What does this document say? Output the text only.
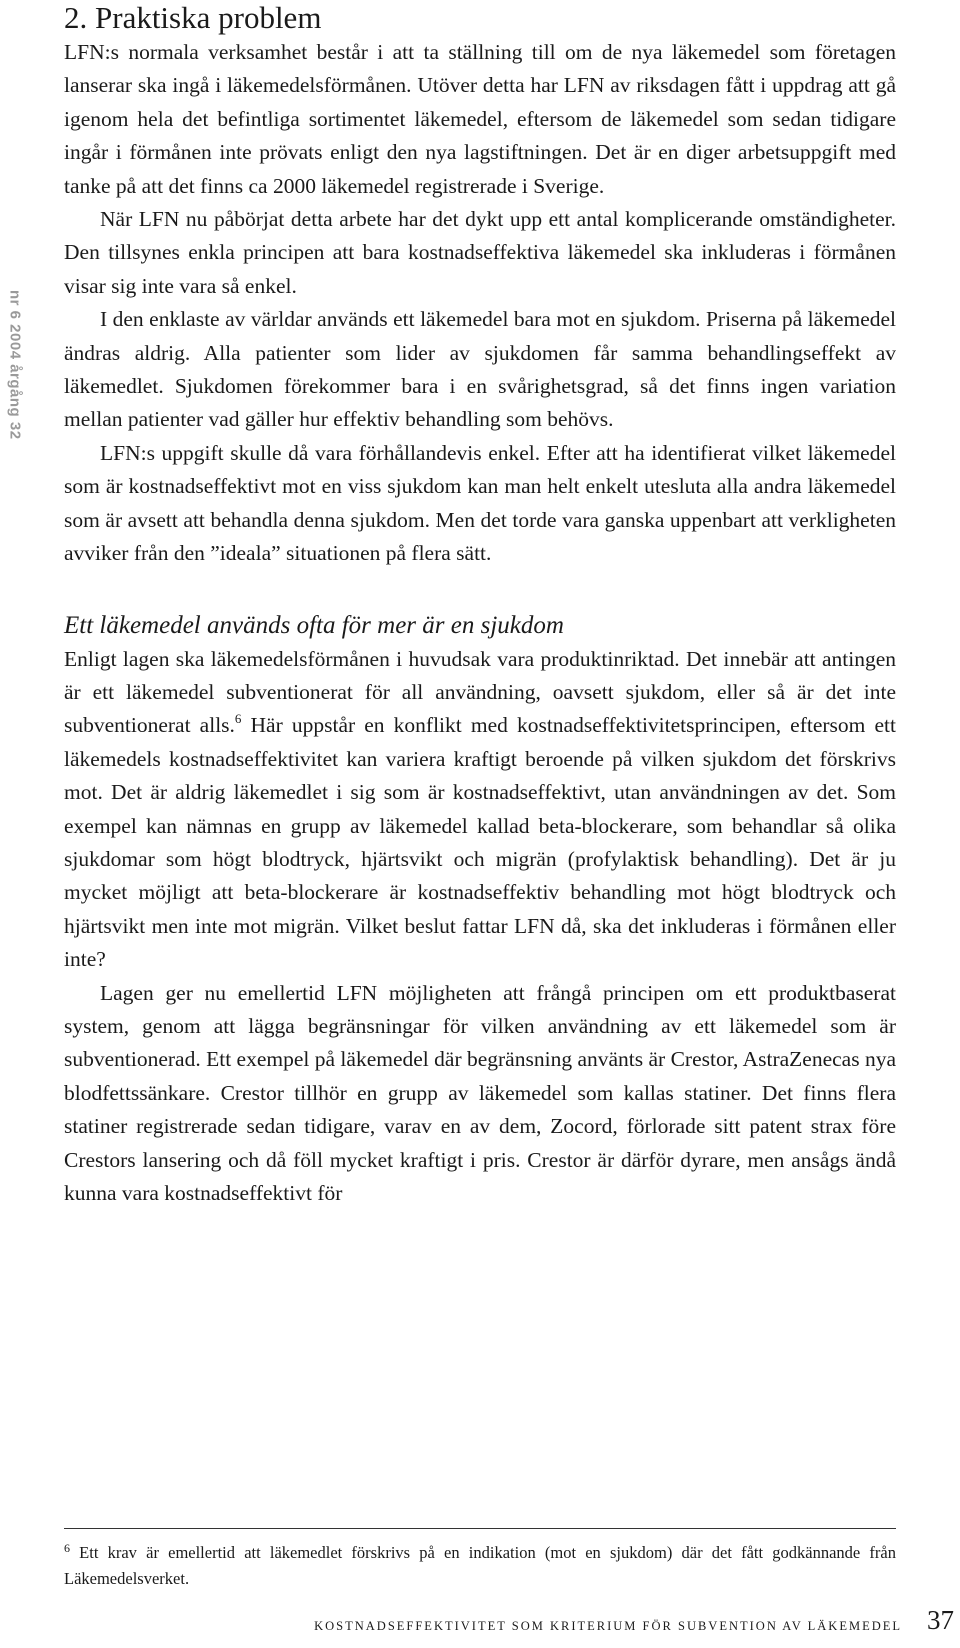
nr 6 2004 årgång 32
2. Praktiska problem

LFN:s normala verksamhet består i att ta ställning till om de nya läkemedel som företagen lanserar ska ingå i läkemedelsförmånen. Utöver detta har LFN av riksdagen fått i uppdrag att gå igenom hela det befintliga sortimentet läkemedel, eftersom de läkemedel som sedan tidigare ingår i förmånen inte prövats enligt den nya lagstiftningen. Det är en diger arbetsuppgift med tanke på att det finns ca 2000 läkemedel registrerade i Sverige.

När LFN nu påbörjat detta arbete har det dykt upp ett antal komplicerande omständigheter. Den tillsynes enkla principen att bara kostnadseffektiva läkemedel ska inkluderas i förmånen visar sig inte vara så enkel.

I den enklaste av världar används ett läkemedel bara mot en sjukdom. Priserna på läkemedel ändras aldrig. Alla patienter som lider av sjukdomen får samma behandlingseffekt av läkemedlet. Sjukdomen förekommer bara i en svårighetsgrad, så det finns ingen variation mellan patienter vad gäller hur effektiv behandling som behövs.

LFN:s uppgift skulle då vara förhållandevis enkel. Efter att ha identifierat vilket läkemedel som är kostnadseffektivt mot en viss sjukdom kan man helt enkelt utesluta alla andra läkemedel som är avsett att behandla denna sjukdom. Men det torde vara ganska uppenbart att verkligheten avviker från den ”ideala” situationen på flera sätt.

Ett läkemedel används ofta för mer är en sjukdom

Enligt lagen ska läkemedelsförmånen i huvudsak vara produktinriktad. Det innebär att antingen är ett läkemedel subventionerat för all användning, oavsett sjukdom, eller så är det inte subventionerat alls.$^6$ Här uppstår en konflikt med kostnadseffektivitetsprincipen, eftersom ett läkemedels kostnadseffektivitet kan variera kraftigt beroende på vilken sjukdom det förskrivs mot. Det är aldrig läkemedlet i sig som är kostnadseffektivt, utan användningen av det. Som exempel kan nämnas en grupp av läkemedel kallad beta-blockerare, som behandlar så olika sjukdomar som högt blodtryck, hjärtsvikt och migrän (profylaktisk behandling). Det är ju mycket möjligt att beta-blockerare är kostnadseffektiv behandling mot högt blodtryck och hjärtsvikt men inte mot migrän. Vilket beslut fattar LFN då, ska det inkluderas i förmånen eller inte?

Lagen ger nu emellertid LFN möjligheten att frångå principen om ett produktbaserat system, genom att lägga begränsningar för vilken användning av ett läkemedel som är subventionerad. Ett exempel på läkemedel där begränsning använts är Crestor, AstraZenecas nya blodfettssänkare. Crestor tillhör en grupp av läkemedel som kallas statiner. Det finns flera statiner registrerade sedan tidigare, varav en av dem, Zocord, förlorade sitt patent strax före Crestors lansering och då föll mycket kraftigt i pris. Crestor är därför dyrare, men ansågs ändå kunna vara kostnadseffektivt för

$^6$ Ett krav är emellertid att läkemedlet förskrivs på en indikation (mot en sjukdom) där det fått godkännande från Läkemedelsverket.
KOSTNADSEFFEKTIVITET SOM KRITERIUM FÖR SUBVENTION AV LÄKEMEDEL 37
